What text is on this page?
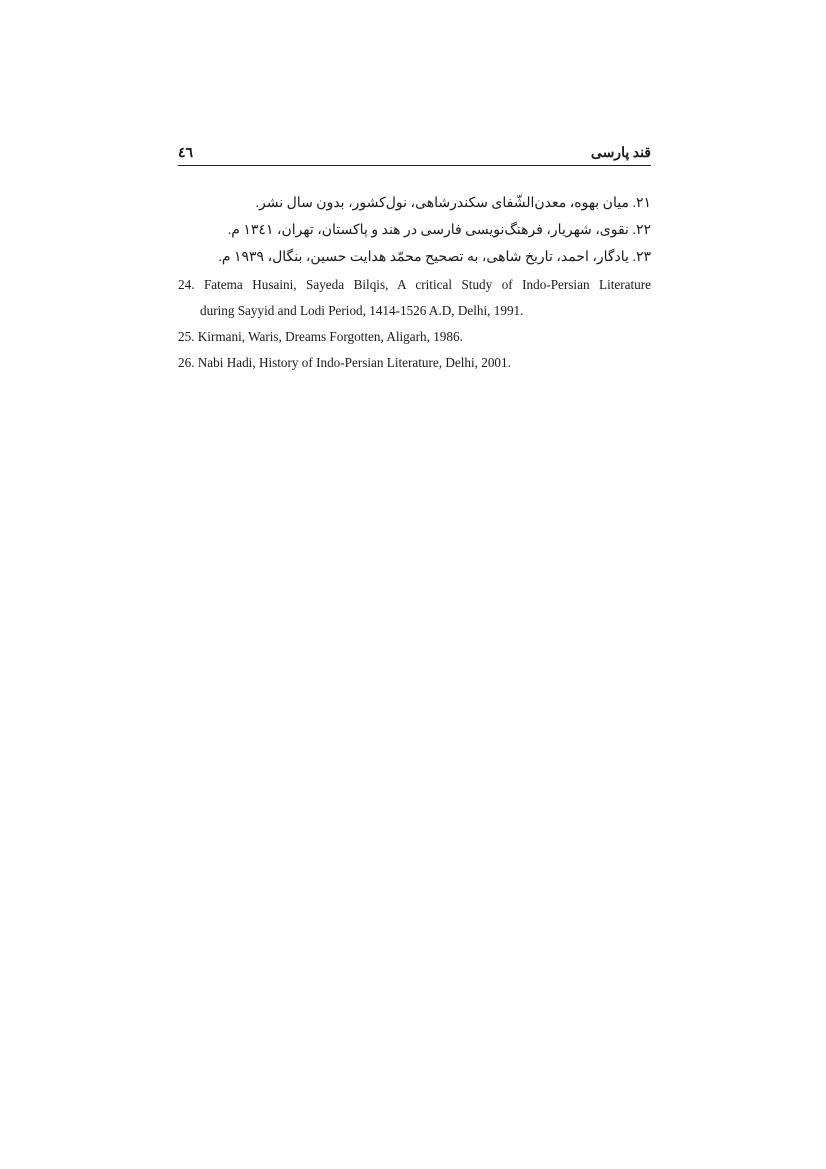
قند پارسی
٤٦
۲۱. میان بهوه، معدن‌الشّفای سکندرشاهی، نول‌کشور، بدون سال نشر.
۲۲. نقوی، شهریار، فرهنگ‌نویسی فارسی در هند و پاکستان، تهران، ۱۳٤۱ م.
۲۳. یادگار، احمد، تاریخ شاهی، به تصحیح محمّد هدایت حسین، بنگال، ۱۹۳۹ م.
24. Fatema Husaini, Sayeda Bilqis, A critical Study of Indo-Persian Literature
during Sayyid and Lodi Period, 1414-1526 A.D, Delhi, 1991.
25. Kirmani, Waris, Dreams Forgotten, Aligarh, 1986.
26. Nabi Hadi, History of Indo-Persian Literature, Delhi, 2001.
